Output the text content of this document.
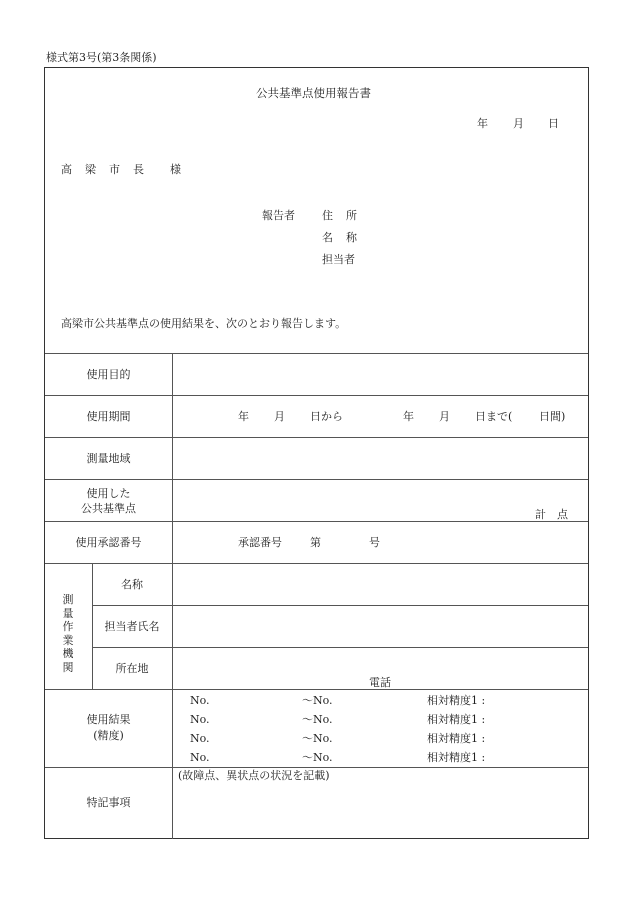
様式第3号(第3条関係)
公共基準点使用報告書
年 月 日
高梁市長 様
報告者 住所
名称
担当者
高梁市公共基準点の使用結果を、次のとおり報告します。
使用目的
使用期間	年 月 日から	年 月 日まで( 日間)
測量地域
使用した
公共基準点	計　点
使用承認番号	承認番号	第	号
測量作業機関
名称
担当者氏名
所在地
電話
使用結果
(精度)
No.	〜No.	相対精度1 :
No.	〜No.	相対精度1 :
No.	〜No.	相対精度1 :
No.	〜No.	相対精度1 :
特記事項
(故障点、異状点の状況を記載)
